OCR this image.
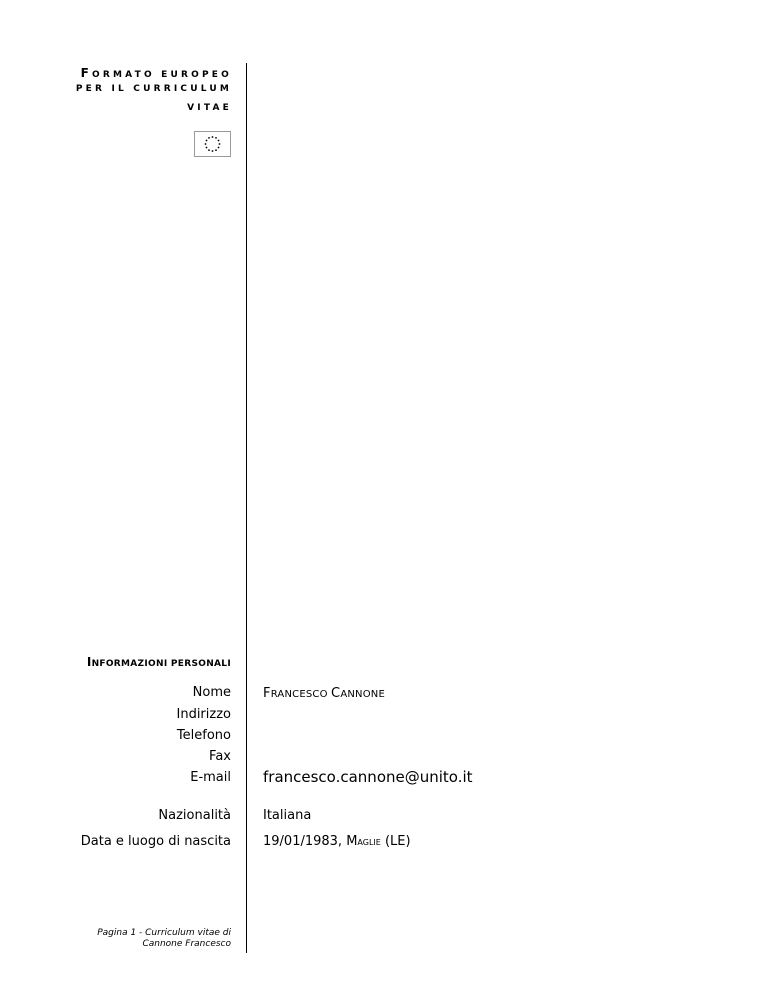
FORMATO EUROPEO
PER IL CURRICULUM
VITAE
INFORMAZIONI PERSONALI
Nome FRANCESCO CANNONE
Indirizzo
Telefono
Fax
E-mail francesco.cannone@unito.it
Nazionalità Italiana
Data e luogo di nascita 19/01/1983, MAGLIE (LE)
Pagina 1 - Curriculum vitae di
Cannone Francesco
